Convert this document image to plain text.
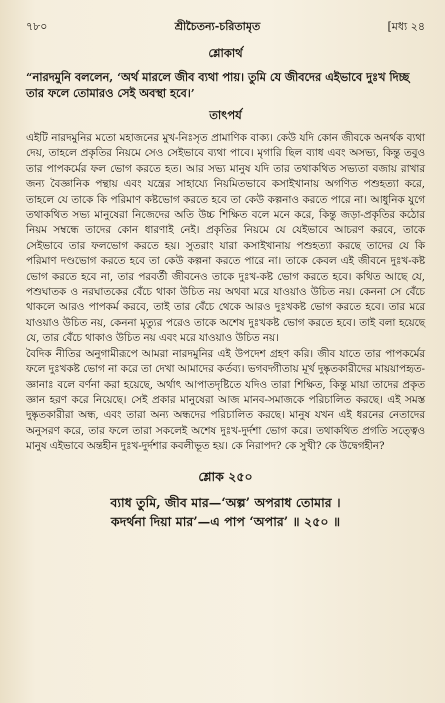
৭৮০	শ্রীচৈতন্য-চরিতামৃত	[মধ্য ২৪
শ্লোকার্থ

“নারদমুনি বললেন, ‘অর্থ মারলে জীব ব্যথা পায়। তুমি যে জীবদের এইভাবে দুঃখ দিচ্ছ তার ফলে তোমারও সেই অবস্থা হবে।’

তাৎপর্য

এইটি নারদমুনির মতো মহাজনের মুখ-নিঃসৃত প্রামাণিক বাক্য। কেউ যদি কোন জীবকে অনর্থক ব্যথা দেয়, তাহলে প্রকৃতির নিয়মে সেও সেইভাবে ব্যথা পাবে। মৃগারি ছিল ব্যাধ এবং অসভ্য, কিন্তু তবুও তার পাপকর্মের ফল ভোগ করতে হত। আর সভ্য মানুষ যদি তার তথাকথিত সভ্যতা বজায় রাখার জন্য বৈজ্ঞানিক পন্থায় এবং যন্ত্রের সাহায্যে নিয়মিতভাবে কসাইখানায় অগণিত পশুহত্যা করে, তাহলে যে তাকে কি পরিমাণ কষ্টভোগ করতে হবে তা কেউ কল্পনাও করতে পারে না। আধুনিক যুগে তথাকথিত সভ্য মানুষেরা নিজেদের অতি উচ্চ শিক্ষিত বলে মনে করে, কিন্তু জড়া-প্রকৃতির কঠোর নিয়ম সম্বন্ধে তাদের কোন ধারণাই নেই। প্রকৃতির নিয়মে যে যেইভাবে আচরণ করবে, তাকে সেইভাবে তার ফলভোগ করতে হয়। সুতরাং যারা কসাইখানায় পশুহত্যা করছে তাদের যে কি পরিমাণ দণ্ডভোগ করতে হবে তা কেউ কল্পনা করতে পারে না। তাকে কেবল এই জীবনে দুঃখ-কষ্ট ভোগ করতে হবে না, তার পরবর্তী জীবনেও তাকে দুঃখ-কষ্ট ভোগ করতে হবে। কথিত আছে যে, পশুঘাতক ও নরঘাতকের বেঁচে থাকা উচিত নয় অথবা মরে যাওয়াও উচিত নয়। কেননা সে বেঁচে থাকলে আরও পাপকর্ম করবে, তাই তার বেঁচে থেকে আরও দুঃখকষ্ট ভোগ করতে হবে। তার মরে যাওয়াও উচিত নয়, কেননা মৃত্যুর পরেও তাকে অশেষ দুঃখকষ্ট ভোগ করতে হবে। তাই বলা হয়েছে যে, তার বেঁচে থাকাও উচিত নয় এবং মরে যাওয়াও উচিত নয়।

বৈদিক নীতির অনুগামীরূপে আমরা নারদমুনির এই উপদেশ গ্রহণ করি। জীব যাতে তার পাপকর্মের ফলে দুঃখকষ্ট ভোগ না করে তা দেখা আমাদের কর্তব্য। ভগবদ্গীতায় মূর্খ দুষ্কৃতকারীদের মায়য়াপহৃত-জ্ঞানাঃ বলে বর্ণনা করা হয়েছে, অর্থাৎ আপাতদৃষ্টিতে যদিও তারা শিক্ষিত, কিন্তু মায়া তাদের প্রকৃত জ্ঞান হরণ করে নিয়েছে। সেই প্রকার মানুষেরা আজ মানব-সমাজকে পরিচালিত করছে। এই সমস্ত দুষ্কৃতকারীরা অন্ধ, এবং তারা অন্য অন্ধদের পরিচালিত করছে। মানুষ যখন এই ধরনের নেতাদের অনুসরণ করে, তার ফলে তারা সকলেই অশেষ দুঃখ-দুর্দশা ভোগ করে। তথাকথিত প্রগতি সত্ত্বেও মানুষ এইভাবে অন্তহীন দুঃখ-দুর্দশার কবলীভূত হয়। কে নিরাপদ? কে সুখী? কে উদ্বেগহীন?

শ্লোক ২৫০

ব্যাধ তুমি, জীব মার—‘অল্প’ অপরাধ তোমার ।

কদর্থনা দিয়া মার’—এ পাপ ‘অপার’ ॥ ২৫০ ॥
